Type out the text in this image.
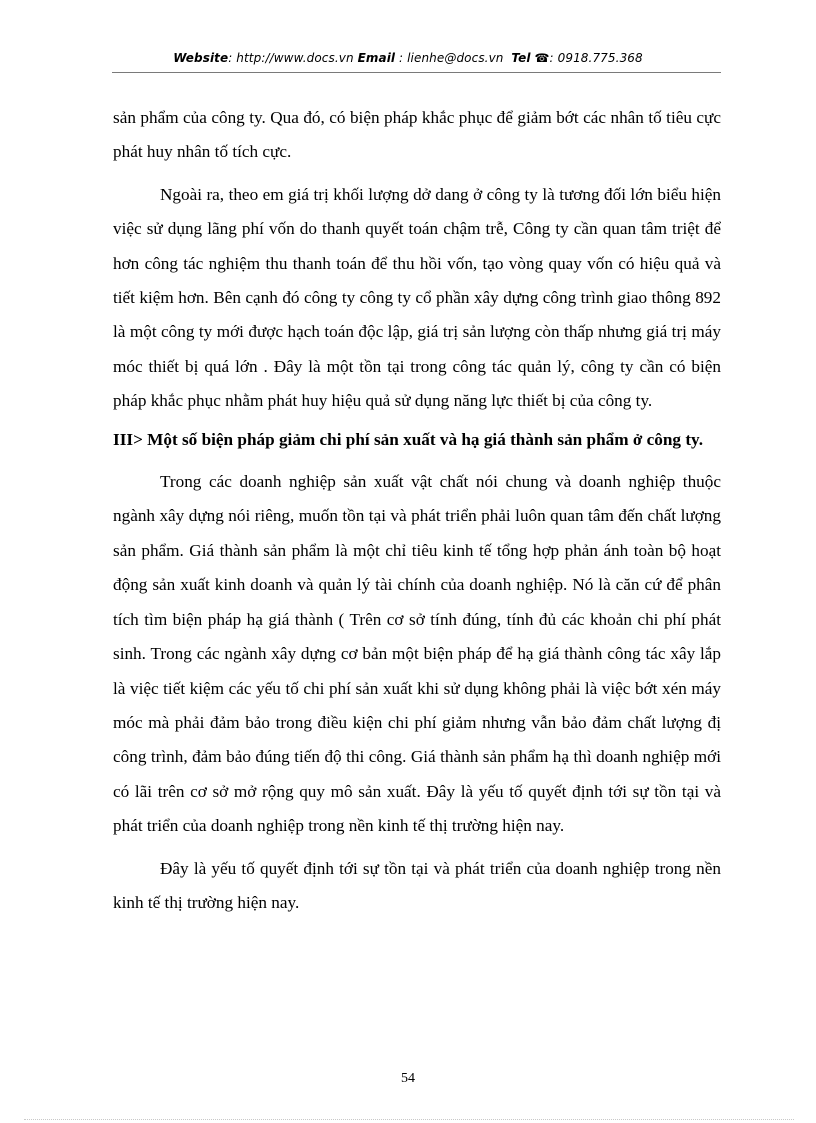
Website: http://www.docs.vn Email : lienhe@docs.vn Tel ☎: 0918.775.368

sản phẩm của công ty. Qua đó, có biện pháp khắc phục để giảm bớt các nhân tố tiêu cực phát huy nhân tố tích cực.

Ngoài ra, theo em giá trị khối lượng dở dang ở công ty là tương đối lớn biểu hiện việc sử dụng lãng phí vốn do thanh quyết toán chậm trễ, Công ty cần quan tâm triệt để hơn công tác nghiệm thu thanh toán để thu hồi vốn, tạo vòng quay vốn có hiệu quả và tiết kiệm hơn. Bên cạnh đó công ty công ty cổ phần xây dựng công trình giao thông 892 là một công ty mới được hạch toán độc lập, giá trị sản lượng còn thấp nhưng giá trị máy móc thiết bị quá lớn . Đây là một tồn tại trong công tác quản lý, công ty cần có biện pháp khắc phục nhằm phát huy hiệu quả sử dụng năng lực thiết bị của công ty.

III> Một số biện pháp giảm chi phí sản xuất và hạ giá thành sản phẩm ở công ty.

Trong các doanh nghiệp sản xuất vật chất nói chung và doanh nghiệp thuộc ngành xây dựng nói riêng, muốn tồn tại và phát triển phải luôn quan tâm đến chất lượng sản phẩm. Giá thành sản phẩm là một chỉ tiêu kinh tế tổng hợp phản ánh toàn bộ hoạt động sản xuất kinh doanh và quản lý tài chính của doanh nghiệp. Nó là căn cứ để phân tích tìm biện pháp hạ giá thành ( Trên cơ sở tính đúng, tính đủ các khoản chi phí phát sinh. Trong các ngành xây dựng cơ bản một biện pháp để hạ giá thành công tác xây lắp là việc tiết kiệm các yếu tố chi phí sản xuất khi sử dụng không phải là việc bớt xén máy móc mà phải đảm bảo trong điều kiện chi phí giảm nhưng vẫn bảo đảm chất lượng đị công trình, đảm bảo đúng tiến độ thi công. Giá thành sản phẩm hạ thì doanh nghiệp mới có lãi trên cơ sở mở rộng quy mô sản xuất. Đây là yếu tố quyết định tới sự tồn tại và phát triển của doanh nghiệp trong nền kinh tế thị trường hiện nay.

Đây là yếu tố quyết định tới sự tồn tại và phát triển của doanh nghiệp trong nền kinh tế thị trường hiện nay.

54
